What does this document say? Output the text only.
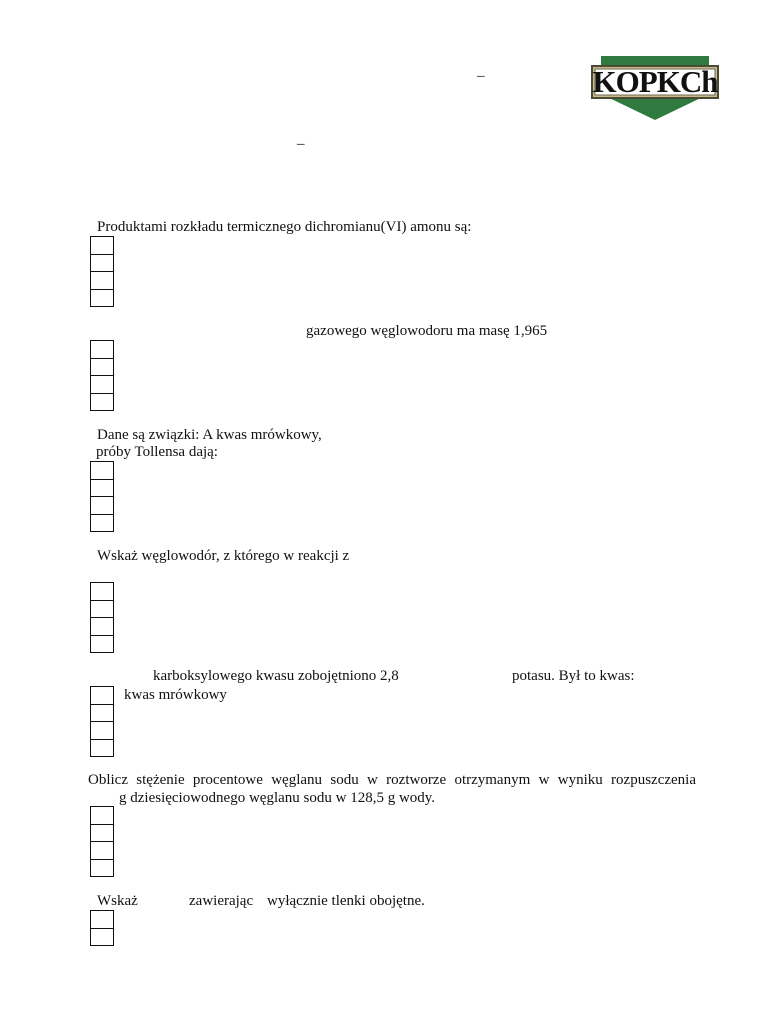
–
–
KOPKCh
Produktami rozkładu termicznego dichromianu(VI) amonu są:
gazowego węglowodoru ma masę 1,965
Dane są związki: A kwas mrówkowy,
próby Tollensa dają:
Wskaż węglowodór, z którego w reakcji z
karboksylowego kwasu zobojętniono 2,8	potasu. Był to kwas:
kwas mrówkowy
Oblicz stężenie procentowe węglanu sodu w roztworze otrzymanym w wyniku rozpuszczenia
g dziesięciowodnego węglanu sodu w 128,5 g wody.
Wskaż	zawierając wyłącznie tlenki obojętne.
